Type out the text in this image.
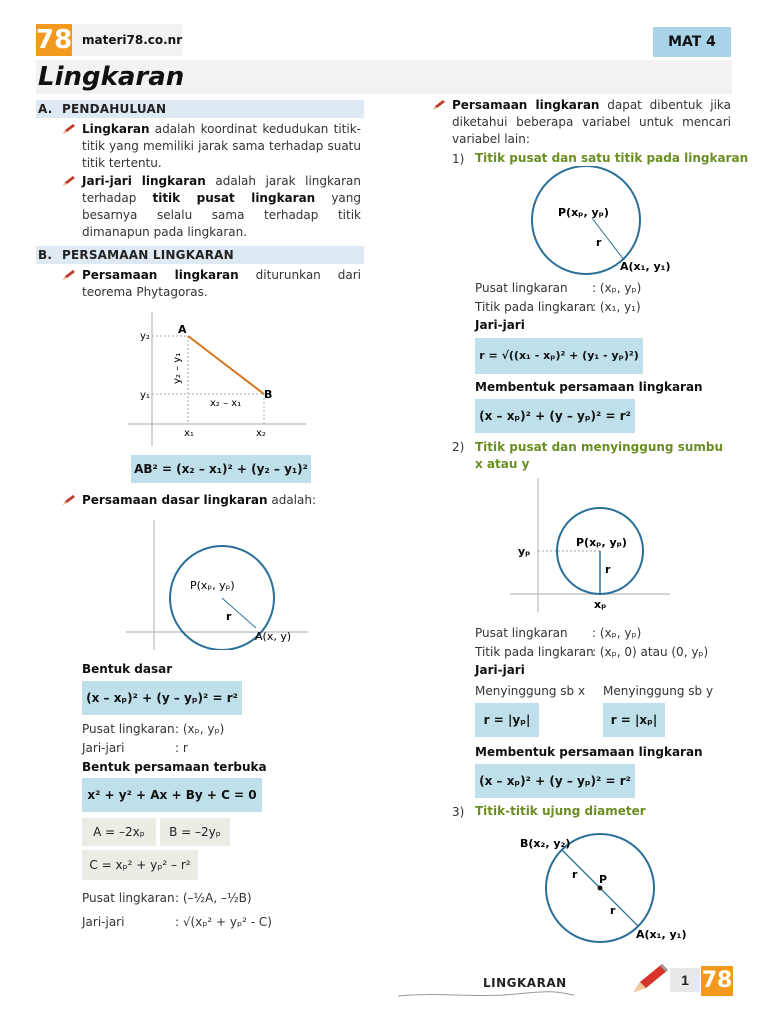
78 materi78.co.nr	MAT 4
Lingkaran
A. PENDAHULUAN
Lingkaran adalah koordinat kedudukan titik-titik yang memiliki jarak sama terhadap suatu titik tertentu.
Jari-jari lingkaran adalah jarak lingkaran terhadap titik pusat lingkaran yang besarnya selalu sama terhadap titik dimanapun pada lingkaran.
B. PERSAMAAN LINGKARAN
Persamaan lingkaran diturunkan dari teorema Phytagoras.
A
B
y₂
y₁
x₁	x₂
x₂ – x₁
y₂ – y₁
AB² = (x₂ – x₁)² + (y₂ – y₁)²
Persamaan dasar lingkaran adalah:
P(xₚ, yₚ)
r
A(x, y)
Bentuk dasar
(x – xₚ)² + (y – yₚ)² = r²
Pusat lingkaran : (xₚ, yₚ)
Jari-jari	: r
Bentuk persamaan terbuka
x² + y² + Ax + By + C = 0
A = –2xₚ	B = –2yₚ
C = xₚ² + yₚ² – r²
Pusat lingkaran : (–½A, –½B)
Jari-jari	: √(xₚ² + yₚ² - C)
Persamaan lingkaran dapat dibentuk jika diketahui beberapa variabel untuk mencari variabel lain:
1) Titik pusat dan satu titik pada lingkaran
P(xₚ, yₚ)
r
A(x₁, y₁)
Pusat lingkaran : (xₚ, yₚ)
Titik pada lingkaran
: (x₁, y₁)
Jari-jari
r = √((x₁ - xₚ)² + (y₁ - yₚ)²)
Membentuk persamaan lingkaran
(x – xₚ)² + (y – yₚ)² = r²
2) Titik pusat dan menyinggung sumbu x atau y
P(xₚ, yₚ)
r
yₚ
xₚ
Pusat lingkaran : (xₚ, yₚ)
Titik pada lingkaran
: (xₚ, 0) atau (0, yₚ)
Jari-jari
Menyinggung sb x Menyinggung sb y
r = |yₚ|	r = |xₚ|
Membentuk persamaan lingkaran
(x – xₚ)² + (y – yₚ)² = r²
3) Titik-titik ujung diameter
B(x₂, y₂)
P
r
r
A(x₁, y₁)
LINGKARAN	1 78
